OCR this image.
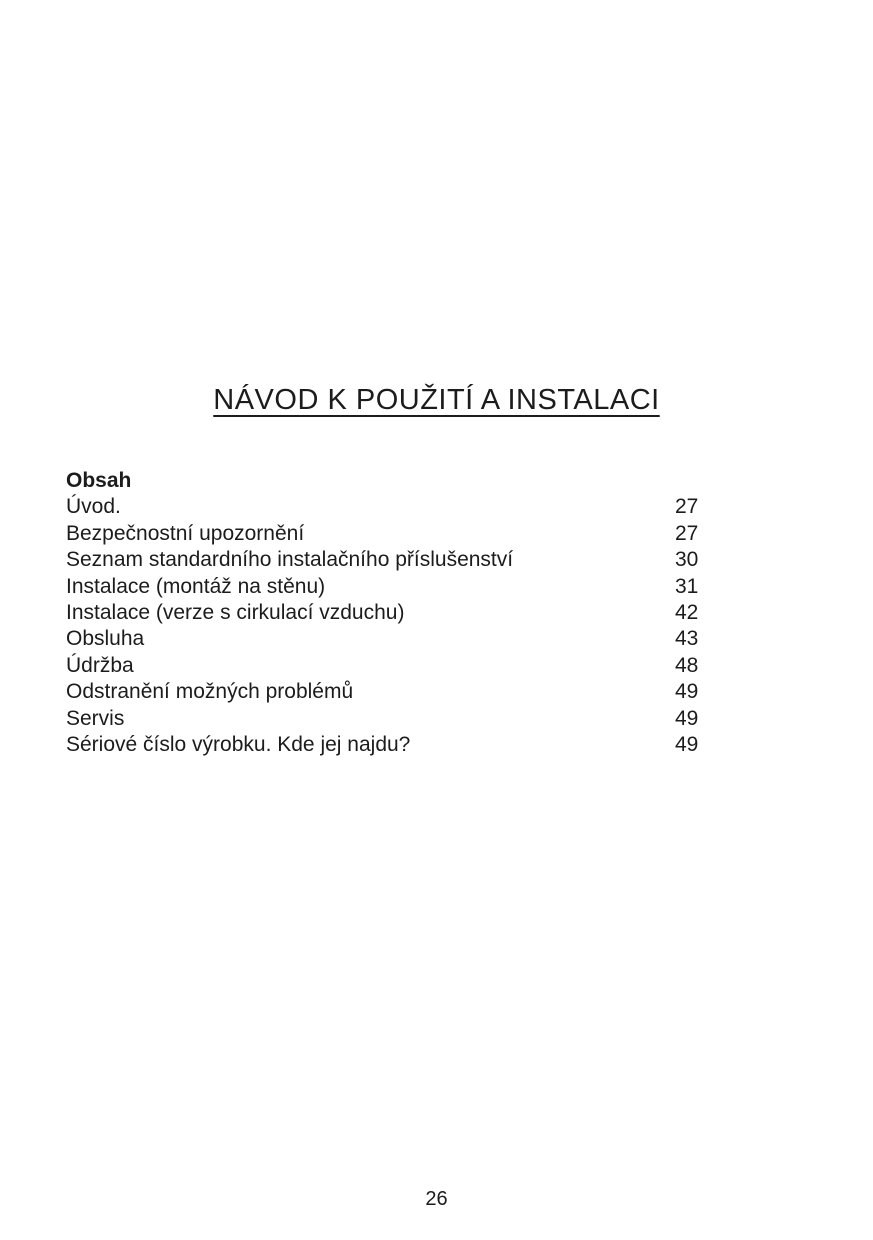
NÁVOD K POUŽITÍ A INSTALACI
Obsah
Úvod.	27
Bezpečnostní upozornění	27
Seznam standardního instalačního příslušenství	30
Instalace (montáž na stěnu)	31
Instalace (verze s cirkulací vzduchu)	42
Obsluha	43
Údržba	48
Odstranění možných problémů	49
Servis	49
Sériové číslo výrobku. Kde jej najdu?	49
26
